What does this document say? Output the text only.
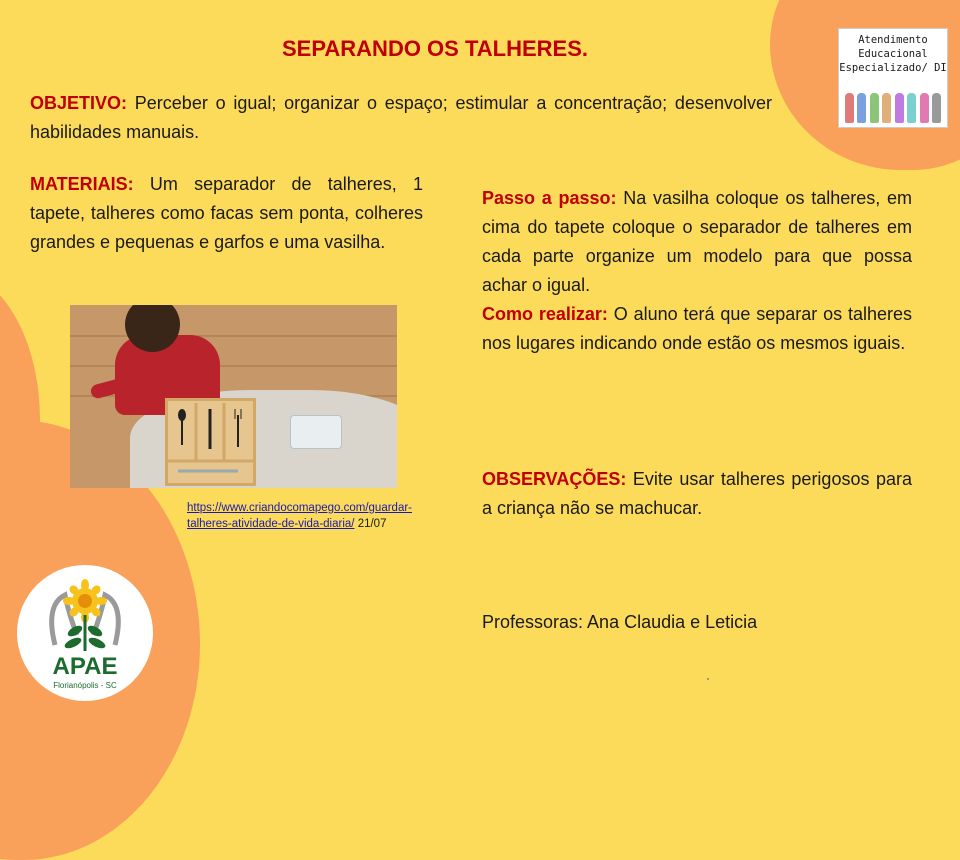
SEPARANDO OS TALHERES.
OBJETIVO: Perceber o igual; organizar o espaço; estimular a concentração; desenvolver habilidades manuais.
MATERIAIS: Um separador de talheres, 1 tapete, talheres como facas sem ponta, colheres grandes e pequenas e garfos e uma vasilha.
Passo a passo: Na vasilha coloque os talheres, em cima do tapete coloque o separador de talheres em cada parte organize um modelo para que possa achar o igual.
Como realizar: O aluno terá que separar os talheres nos lugares indicando onde estão os mesmos iguais.
OBSERVAÇÕES: Evite usar talheres perigosos para a criança não se machucar.
Professoras: Ana Claudia e Leticia
https://www.criandocomapego.com/guardar-talheres-atividade-de-vida-diaria/ 21/07
Atendimento
Educacional
Especializado/ DI
APAE
Florianópolis - SC
